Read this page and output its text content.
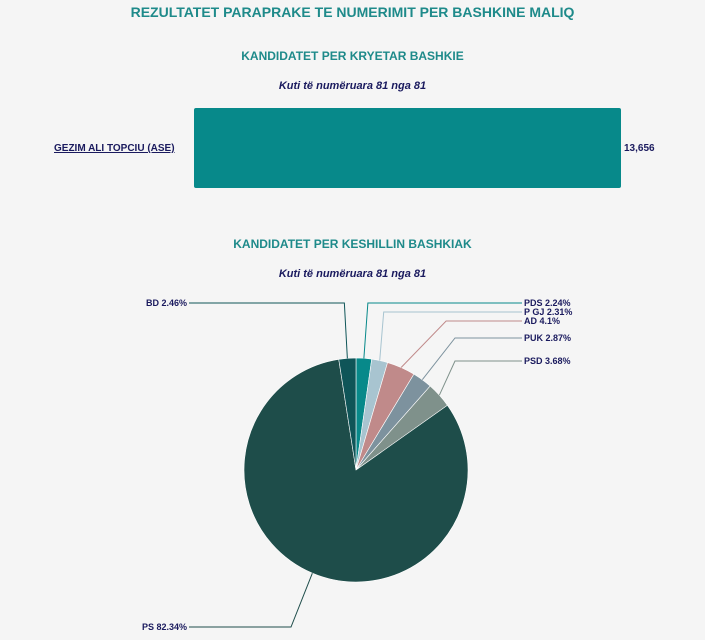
REZULTATET PARAPRAKE TE NUMERIMIT PER BASHKINE MALIQ
KANDIDATET PER KRYETAR BASHKIE
Kuti të numëruara 81 nga 81
GEZIM ALI TOPCIU (ASE)	13,656
KANDIDATET PER KESHILLIN BASHKIAK
Kuti të numëruara 81 nga 81
PDS 2.24%
P GJ 2.31%
AD 4.1%
PUK 2.87%
PSD 3.68%
PS 82.34%
BD 2.46%
